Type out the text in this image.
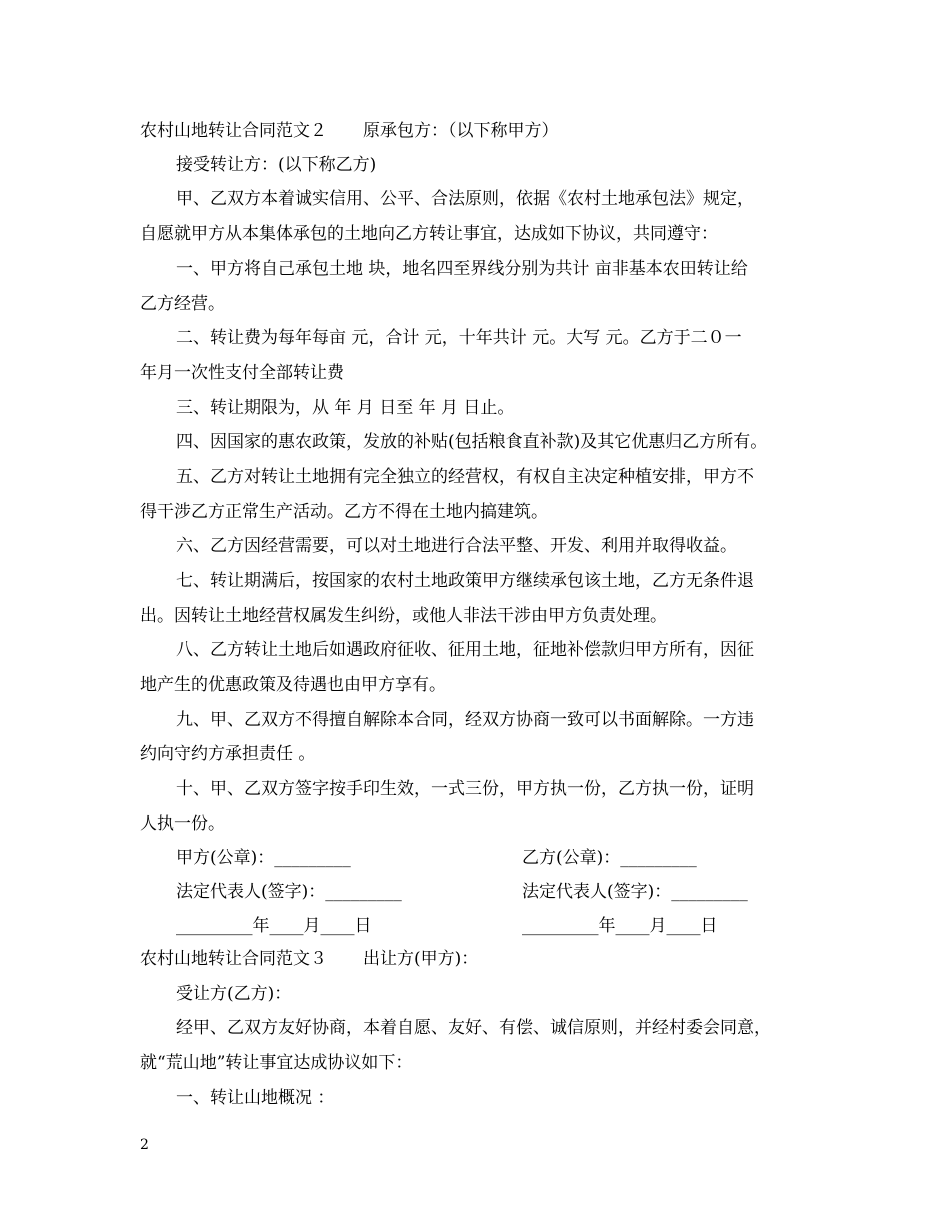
农村山地转让合同范文２ 原承包方：（以下称甲方）
接受转让方：(以下称乙方)
甲、乙双方本着诚实信用、公平、合法原则，依据《农村土地承包法》规定，
自愿就甲方从本集体承包的土地向乙方转让事宜，达成如下协议，共同遵守：
一、甲方将自己承包土地 块，地名四至界线分别为共计 亩非基本农田转让给
乙方经营。
二、转让费为每年每亩 元，合计 元，十年共计 元。大写 元。乙方于二０一
年月一次性支付全部转让费
三、转让期限为，从 年 月 日至 年 月 日止。
四、因国家的惠农政策，发放的补贴(包括粮食直补款)及其它优惠归乙方所有。
五、乙方对转让土地拥有完全独立的经营权，有权自主决定种植安排，甲方不
得干涉乙方正常生产活动。乙方不得在土地内搞建筑。
六、乙方因经营需要，可以对土地进行合法平整、开发、利用并取得收益。
七、转让期满后，按国家的农村土地政策甲方继续承包该土地，乙方无条件退
出。因转让土地经营权属发生纠纷，或他人非法干涉由甲方负责处理。
八、乙方转让土地后如遇政府征收、征用土地，征地补偿款归甲方所有，因征
地产生的优惠政策及待遇也由甲方享有。
九、甲、乙双方不得擅自解除本合同，经双方协商一致可以书面解除。一方违
约向守约方承担责任 。
十、甲、乙双方签字按手印生效，一式三份，甲方执一份，乙方执一份，证明
人执一份。
甲方(公章)：_________	乙方(公章)：_________
法定代表人(签字)：_________	法定代表人(签字)：_________
_________年____月____日	_________年____月____日
农村山地转让合同范文３ 出让方(甲方)：
受让方(乙方)：
经甲、乙双方友好协商，本着自愿、友好、有偿、诚信原则，并经村委会同意，
就“荒山地”转让事宜达成协议如下：
一、转让山地概况 ：
2
